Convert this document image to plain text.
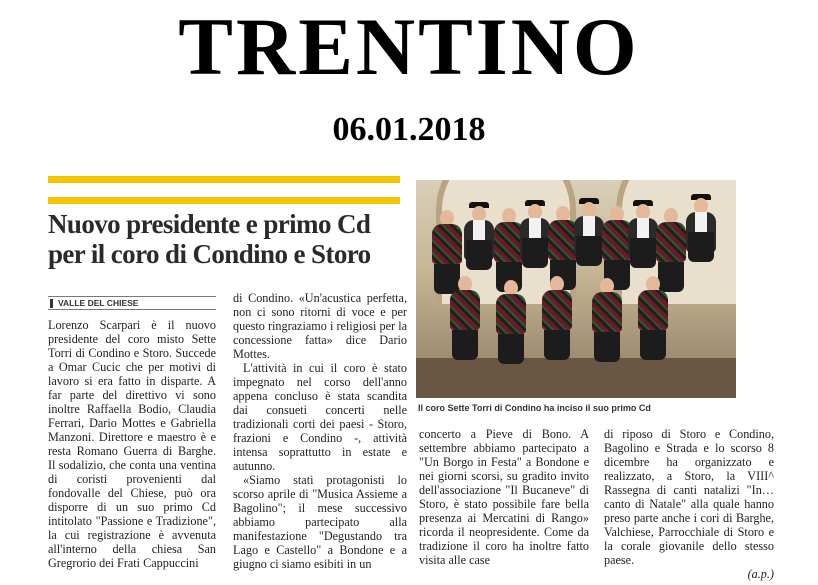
TRENTINO
06.01.2018
Nuovo presidente e primo Cd
per il coro di Condino e Storo
VALLE DEL CHIESE

Lorenzo Scarpari è il nuovo presidente del coro misto Sette Torri di Condino e Storo. Succede a Omar Cucic che per motivi di lavoro si era fatto in disparte. A far parte del direttivo vi sono inoltre Raffaella Bodio, Claudia Ferrari, Dario Mottes e Gabriella Manzoni. Direttore e maestro è e resta Romano Guerra di Barghe. Il sodalizio, che conta una ventina di coristi provenienti dal fondovalle del Chiese, può ora disporre di un suo primo Cd intitolato "Passione e Tradizione", la cui registrazione è avvenuta all'interno della chiesa San Gregrorio dei Frati Cappuccini

di Condino. «Un'acustica perfetta, non ci sono ritorni di voce e per questo ringraziamo i religiosi per la concessione fatta» dice Dario Mottes.

L'attività in cui il coro è stato impegnato nel corso dell'anno appena concluso è stata scandita dai consueti concerti nelle tradizionali corti dei paesi - Storo, frazioni e Condino -, attività intensa soprattutto in estate e autunno.

«Siamo stati protagonisti lo scorso aprile di "Musica Assieme a Bagolino"; il mese successivo abbiamo partecipato alla manifestazione "Degustando tra Lago e Castello" a Bondone e a giugno ci siamo esibiti in un

Il coro Sette Torri di Condino ha inciso il suo primo Cd

concerto a Pieve di Bono. A settembre abbiamo partecipato a "Un Borgo in Festa" a Bondone e nei giorni scorsi, su gradito invito dell'associazione "Il Bucaneve" di Storo, è stato possibile fare bella presenza ai Mercatini di Rango» ricorda il neopresidente. Come da tradizione il coro ha inoltre fatto visita alle case

di riposo di Storo e Condino, Bagolino e Strada e lo scorso 8 dicembre ha organizzato e realizzato, a Storo, la VIII^ Rassegna di canti natalizi "In…canto di Natale" alla quale hanno preso parte anche i cori di Barghe, Valchiese, Parrocchiale di Storo e la corale giovanile dello stesso paese.

(a.p.)
